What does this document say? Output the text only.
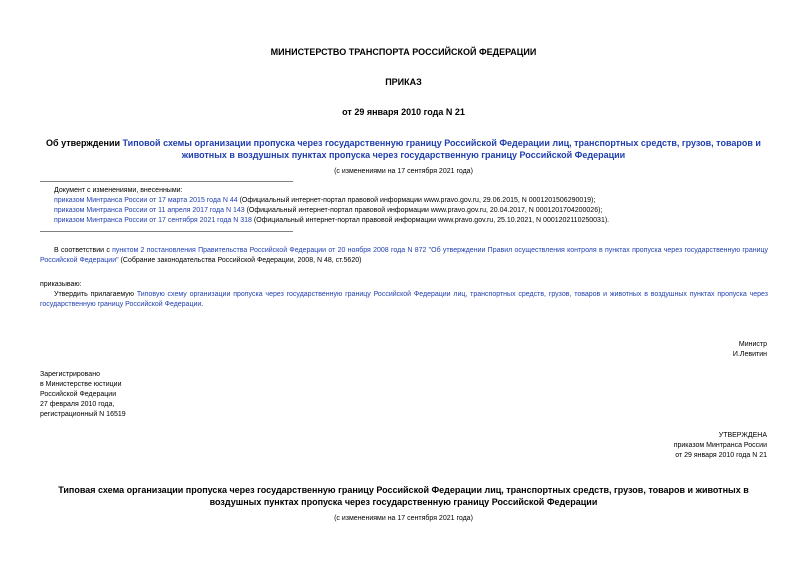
МИНИСТЕРСТВО ТРАНСПОРТА РОССИЙСКОЙ ФЕДЕРАЦИИ
ПРИКАЗ
от 29 января 2010 года N 21
Об утверждении Типовой схемы организации пропуска через государственную границу Российской Федерации лиц, транспортных средств, грузов, товаров и животных в воздушных пунктах пропуска через государственную границу Российской Федерации
(с изменениями на 17 сентября 2021 года)
Документ с изменениями, внесенными:
приказом Минтранса России от 17 марта 2015 года N 44 (Официальный интернет-портал правовой информации www.pravo.gov.ru, 29.06.2015, N 0001201506290019);
приказом Минтранса России от 11 апреля 2017 года N 143 (Официальный интернет-портал правовой информации www.pravo.gov.ru, 20.04.2017, N 0001201704200026);
приказом Минтранса России от 17 сентября 2021 года N 318 (Официальный интернет-портал правовой информации www.pravo.gov.ru, 25.10.2021, N 0001202110250031).
В соответствии с пунктом 2 постановления Правительства Российской Федерации от 20 ноября 2008 года N 872 "Об утверждении Правил осуществления контроля в пунктах пропуска через государственную границу Российской Федерации" (Собрание законодательства Российской Федерации, 2008, N 48, ст.5620)
приказываю:
Утвердить прилагаемую Типовую схему организации пропуска через государственную границу Российской Федерации лиц, транспортных средств, грузов, товаров и животных в воздушных пунктах пропуска через государственную границу Российской Федерации.
Министр
И.Левитин
Зарегистрировано
в Министерстве юстиции
Российской Федерации
27 февраля 2010 года,
регистрационный N 16519
УТВЕРЖДЕНА
приказом Минтранса России
от 29 января 2010 года N 21
Типовая схема организации пропуска через государственную границу Российской Федерации лиц, транспортных средств, грузов, товаров и животных в воздушных пунктах пропуска через государственную границу Российской Федерации
(с изменениями на 17 сентября 2021 года)
